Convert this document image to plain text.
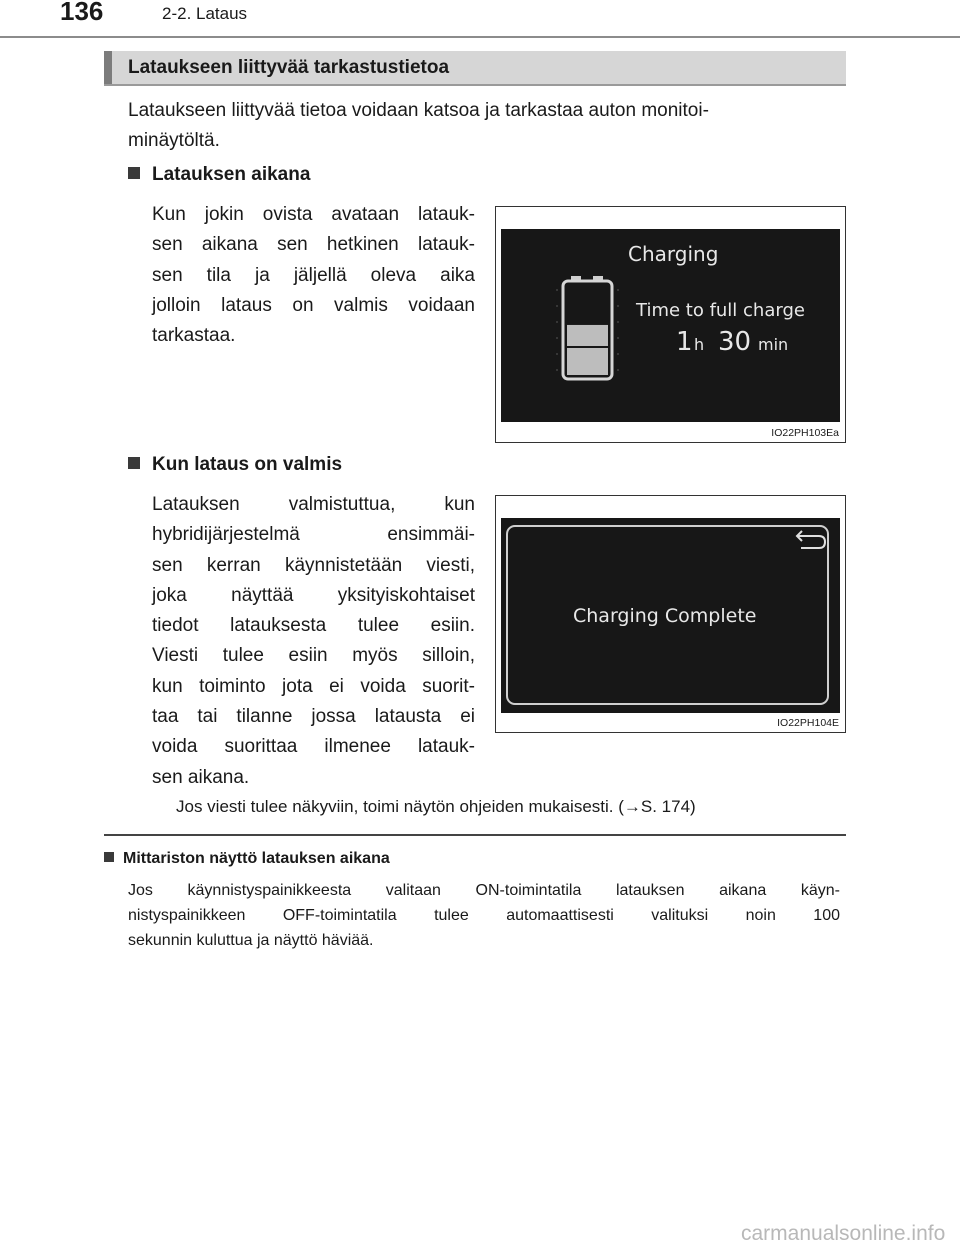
136	2-2. Lataus
Lataukseen liittyvää tarkastustietoa
Lataukseen liittyvää tietoa voidaan katsoa ja tarkastaa auton monitoi-
minäytöltä.
Latauksen aikana
Kun jokin ovista avataan latauk-
sen aikana sen hetkinen latauk-
sen tila ja jäljellä oleva aika
jolloin lataus on valmis voidaan
tarkastaa.
Charging
Time to full charge
1 h 30 min
IO22PH103Ea
Kun lataus on valmis
Latauksen valmistuttua, kun
hybridijärjestelmä ensimmäi-
sen kerran käynnistetään viesti,
joka näyttää yksityiskohtaiset
tiedot latauksesta tulee esiin.
Viesti tulee esiin myös silloin,
kun toiminto jota ei voida suorit-
taa tai tilanne jossa latausta ei
voida suorittaa ilmenee latauk-
sen aikana.
Charging Complete
IO22PH104E
Jos viesti tulee näkyviin, toimi näytön ohjeiden mukaisesti. (→S. 174)
Mittariston näyttö latauksen aikana
Jos käynnistyspainikkeesta valitaan ON-toimintatila latauksen aikana käyn-
nistyspainikkeen OFF-toimintatila tulee automaattisesti valituksi noin 100
sekunnin kuluttua ja näyttö häviää.
carmanualsonline.info
